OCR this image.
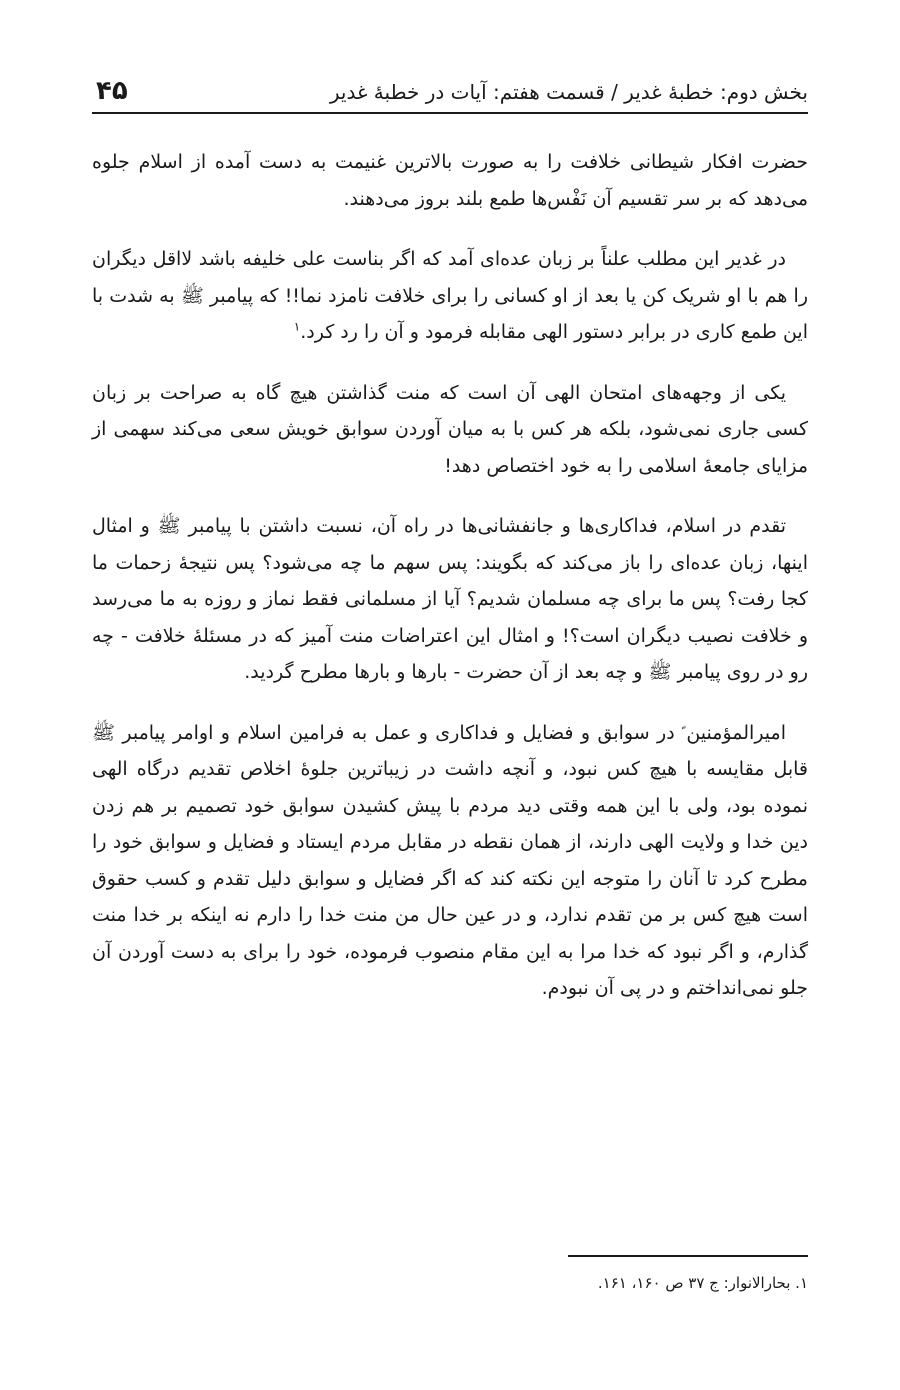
بخش دوم: خطبهٔ غدیر / قسمت هفتم: آیات در خطبهٔ غدیر
۴۵

حضرت افکار شیطانی خلافت را به صورت بالاترین غنیمت به دست آمده از اسلام جلوه می‌دهد که بر سر تقسیم آن نَفْس‌ها طمع بلند بروز می‌دهند.

در غدیر این مطلب علناً بر زبان عده‌ای آمد که اگر بناست علی خلیفه باشد لااقل دیگران را هم با او شریک کن یا بعد از او کسانی را برای خلافت نامزد نما!! که پیامبر ﷺ به شدت با این طمع کاری در برابر دستور الهی مقابله فرمود و آن را رد کرد.$^۱$

یکی از وجهه‌های امتحان الهی آن است که منت گذاشتن هیچ گاه به صراحت بر زبان کسی جاری نمی‌شود، بلکه هر کس با به میان آوردن سوابق خویش سعی می‌کند سهمی از مزایای جامعهٔ اسلامی را به خود اختصاص دهد!

تقدم در اسلام، فداکاری‌ها و جانفشانی‌ها در راه آن، نسبت داشتن با پیامبر ﷺ و امثال اینها، زبان عده‌ای را باز می‌کند که بگویند: پس سهم ما چه می‌شود؟ پس نتیجهٔ زحمات ما کجا رفت؟ پس ما برای چه مسلمان شدیم؟ آیا از مسلمانی فقط نماز و روزه به ما می‌رسد و خلافت نصیب دیگران است؟! و امثال این اعتراضات منت آمیز که در مسئلهٔ خلافت - چه رو در روی پیامبر ﷺ و چه بعد از آن حضرت - بارها و بارها مطرح گردید.

امیرالمؤمنین ؑ در سوابق و فضایل و فداکاری و عمل به فرامین اسلام و اوامر پیامبر ﷺ قابل مقایسه با هیچ کس نبود، و آنچه داشت در زیباترین جلوهٔ اخلاص تقدیم درگاه الهی نموده بود، ولی با این همه وقتی دید مردم با پیش کشیدن سوابق خود تصمیم بر هم زدن دین خدا و ولایت الهی دارند، از همان نقطه در مقابل مردم ایستاد و فضایل و سوابق خود را مطرح کرد تا آنان را متوجه این نکته کند که اگر فضایل و سوابق دلیل تقدم و کسب حقوق است هیچ کس بر من تقدم ندارد، و در عین حال من منت خدا را دارم نه اینکه بر خدا منت گذارم، و اگر نبود که خدا مرا به این مقام منصوب فرموده، خود را برای به دست آوردن آن جلو نمی‌انداختم و در پی آن نبودم.

۱. بحارالانوار: ج ۳۷ ص ۱۶۰، ۱۶۱.
